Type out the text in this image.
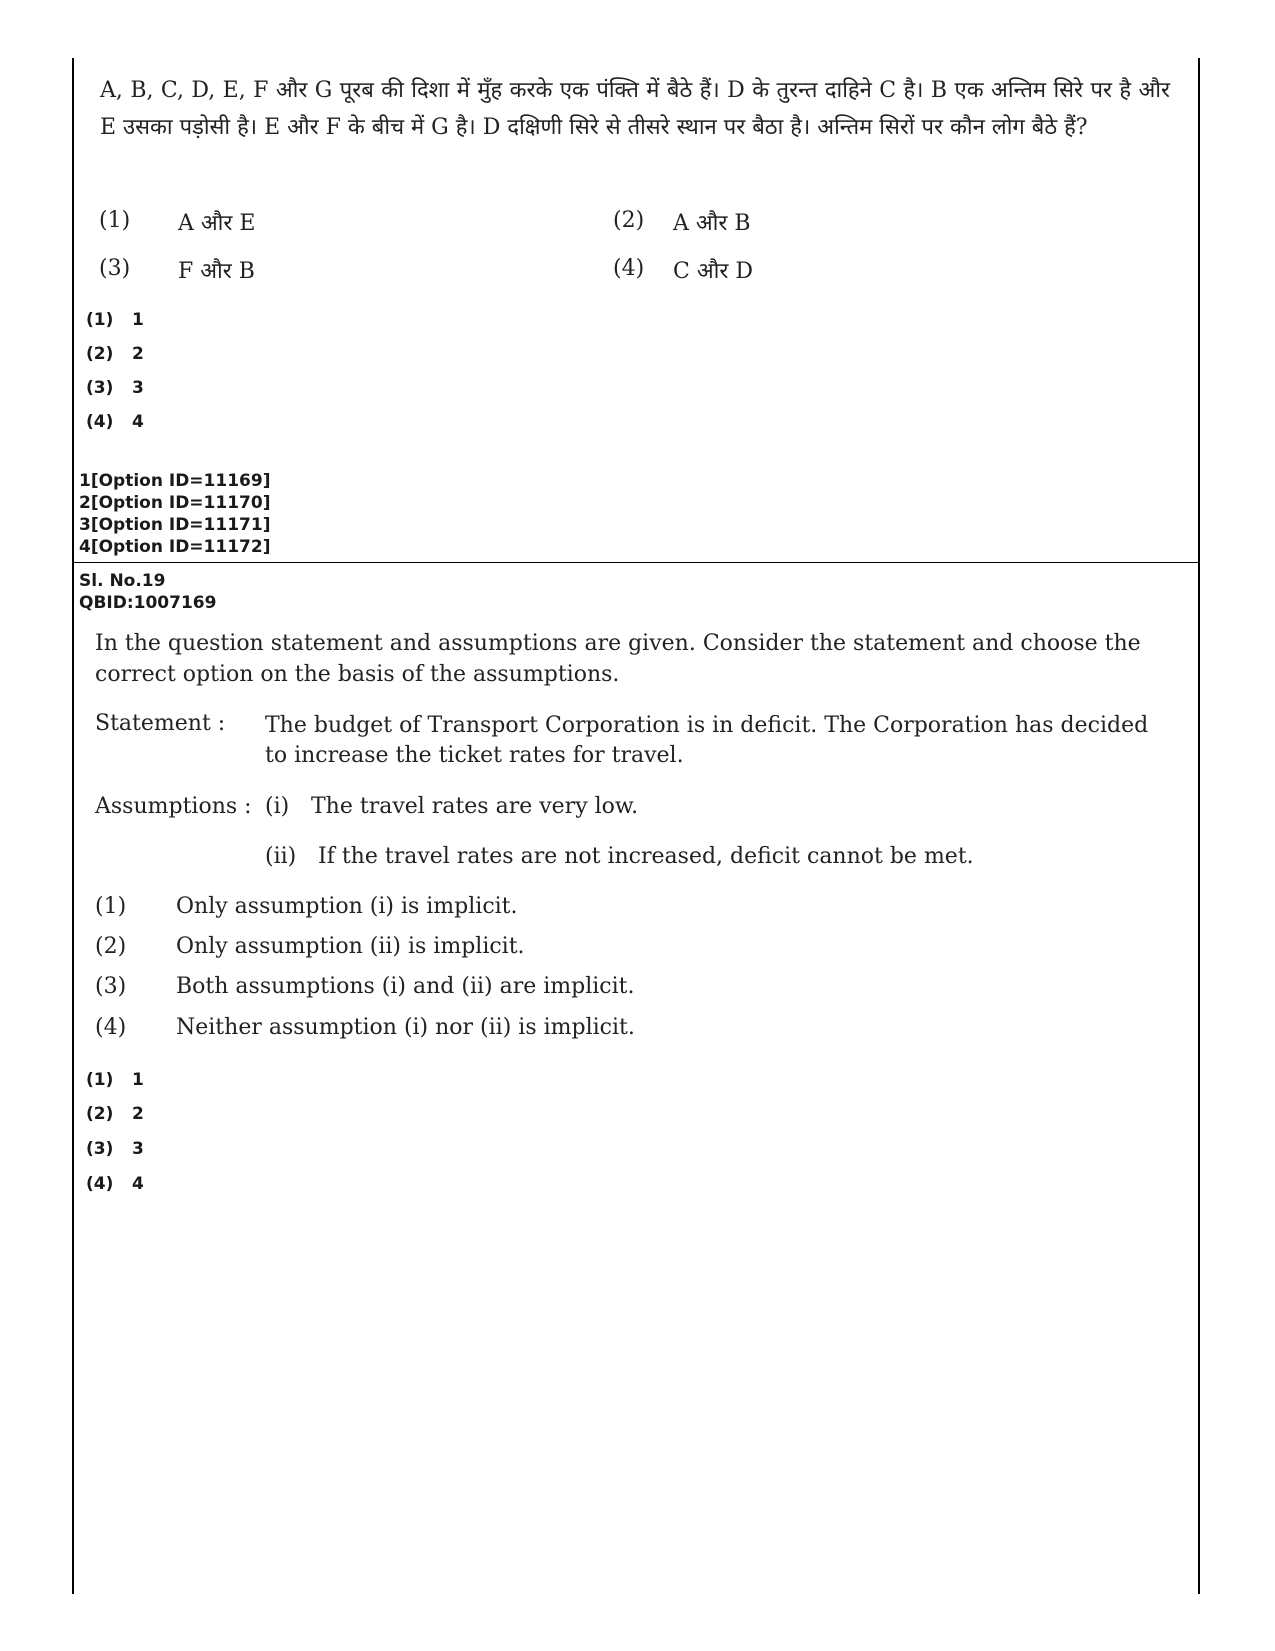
A, B, C, D, E, F और G पूरब की दिशा में मुँह करके एक पंक्ति में बैठे हैं। D के तुरन्त दाहिने C है। B एक अन्तिम सिरे पर है और E उसका पड़ोसी है। E और F के बीच में G है। D दक्षिणी सिरे से तीसरे स्थान पर बैठा है। अन्तिम सिरों पर कौन लोग बैठे हैं?
(1) A और E	(2) A और B
(3) F और B	(4) C और D
(1) 1
(2) 2
(3) 3
(4) 4
1[Option ID=11169]
2[Option ID=11170]
3[Option ID=11171]
4[Option ID=11172]
Sl. No.19
QBID:1007169
In the question statement and assumptions are given. Consider the statement and choose the correct option on the basis of the assumptions.
Statement : The budget of Transport Corporation is in deficit. The Corporation has decided to increase the ticket rates for travel.
Assumptions : (i) The travel rates are very low.
(ii) If the travel rates are not increased, deficit cannot be met.
(1) Only assumption (i) is implicit.
(2) Only assumption (ii) is implicit.
(3) Both assumptions (i) and (ii) are implicit.
(4) Neither assumption (i) nor (ii) is implicit.
(1) 1
(2) 2
(3) 3
(4) 4
